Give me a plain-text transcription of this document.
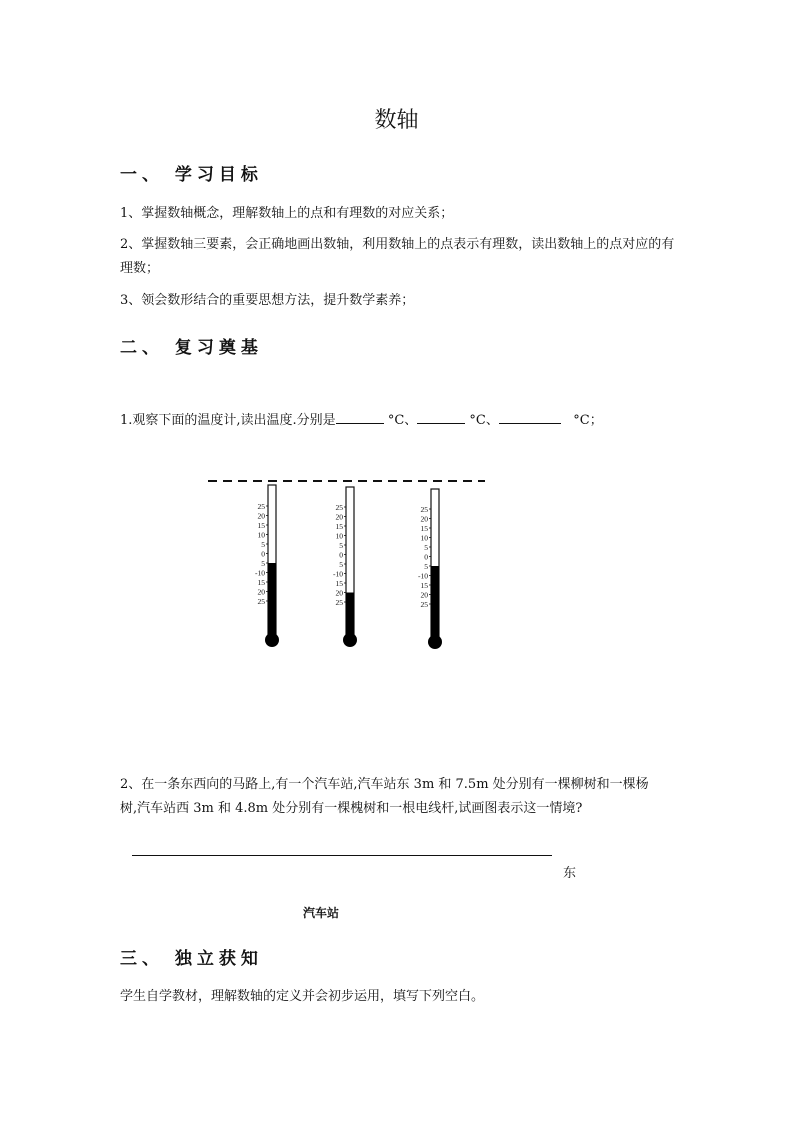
数轴
一、 学习目标
1、掌握数轴概念，理解数轴上的点和有理数的对应关系；
2、掌握数轴三要素，会正确地画出数轴，利用数轴上的点表示有理数，读出数轴上的点对应的有理数；
3、领会数形结合的重要思想方法，提升数学素养；
二、 复习奠基
1.观察下面的温度计,读出温度.分别是	°C、	°C、	°C；
25
20
15
10
5
0
5
-10
15
20
25
25
20
15
10
5
0
5
-10
15
20
25
25
20
15
10
5
0
5
-10
15
20
25
2、在一条东西向的马路上,有一个汽车站,汽车站东 3m 和 7.5m 处分别有一棵柳树和一棵杨树,汽车站西 3m 和 4.8m 处分别有一棵槐树和一根电线杆,试画图表示这一情境?
东
汽车站
三、 独立获知
学生自学教材，理解数轴的定义并会初步运用，填写下列空白。
